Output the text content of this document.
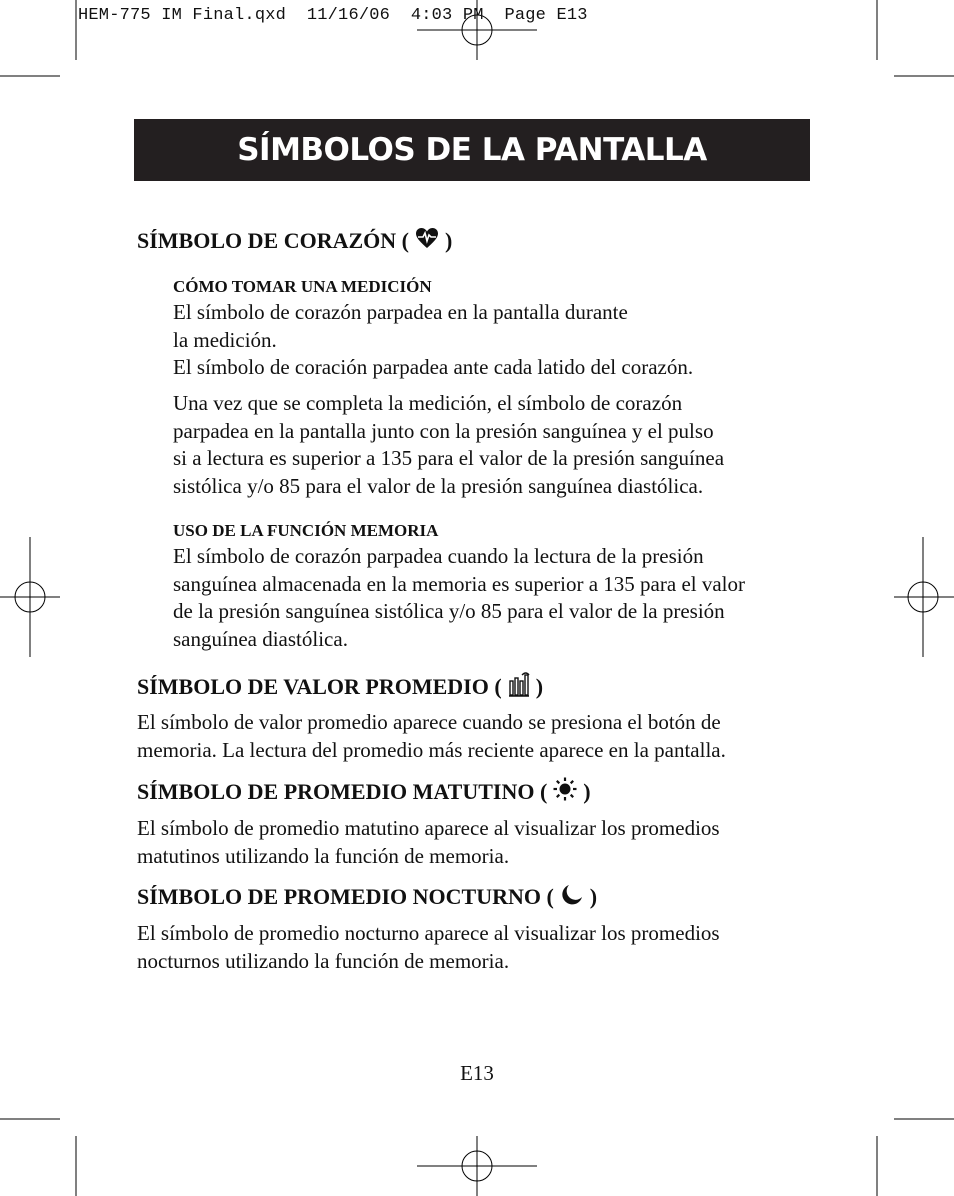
HEM-775 IM Final.qxd  11/16/06  4:03 PM  Page E13
SÍMBOLOS DE LA PANTALLA
SÍMBOLO DE CORAZÓN ( )
CÓMO TOMAR UNA MEDICIÓN
El símbolo de corazón parpadea en la pantalla durante
la medición.
El símbolo de coración parpadea ante cada latido del corazón.
Una vez que se completa la medición, el símbolo de corazón
parpadea en la pantalla junto con la presión sanguínea y el pulso
si a lectura es superior a 135 para el valor de la presión sanguínea
sistólica y/o 85 para el valor de la presión sanguínea diastólica.
USO DE LA FUNCIÓN MEMORIA
El símbolo de corazón parpadea cuando la lectura de la presión
sanguínea almacenada en la memoria es superior a 135 para el valor
de la presión sanguínea sistólica y/o 85 para el valor de la presión
sanguínea diastólica.
SÍMBOLO DE VALOR PROMEDIO ( )
El símbolo de valor promedio aparece cuando se presiona el botón de
memoria. La lectura del promedio más reciente aparece en la pantalla.
SÍMBOLO DE PROMEDIO MATUTINO ( )
El símbolo de promedio matutino aparece al visualizar los promedios
matutinos utilizando la función de memoria.
SÍMBOLO DE PROMEDIO NOCTURNO ( )
El símbolo de promedio nocturno aparece al visualizar los promedios
nocturnos utilizando la función de memoria.
E13
